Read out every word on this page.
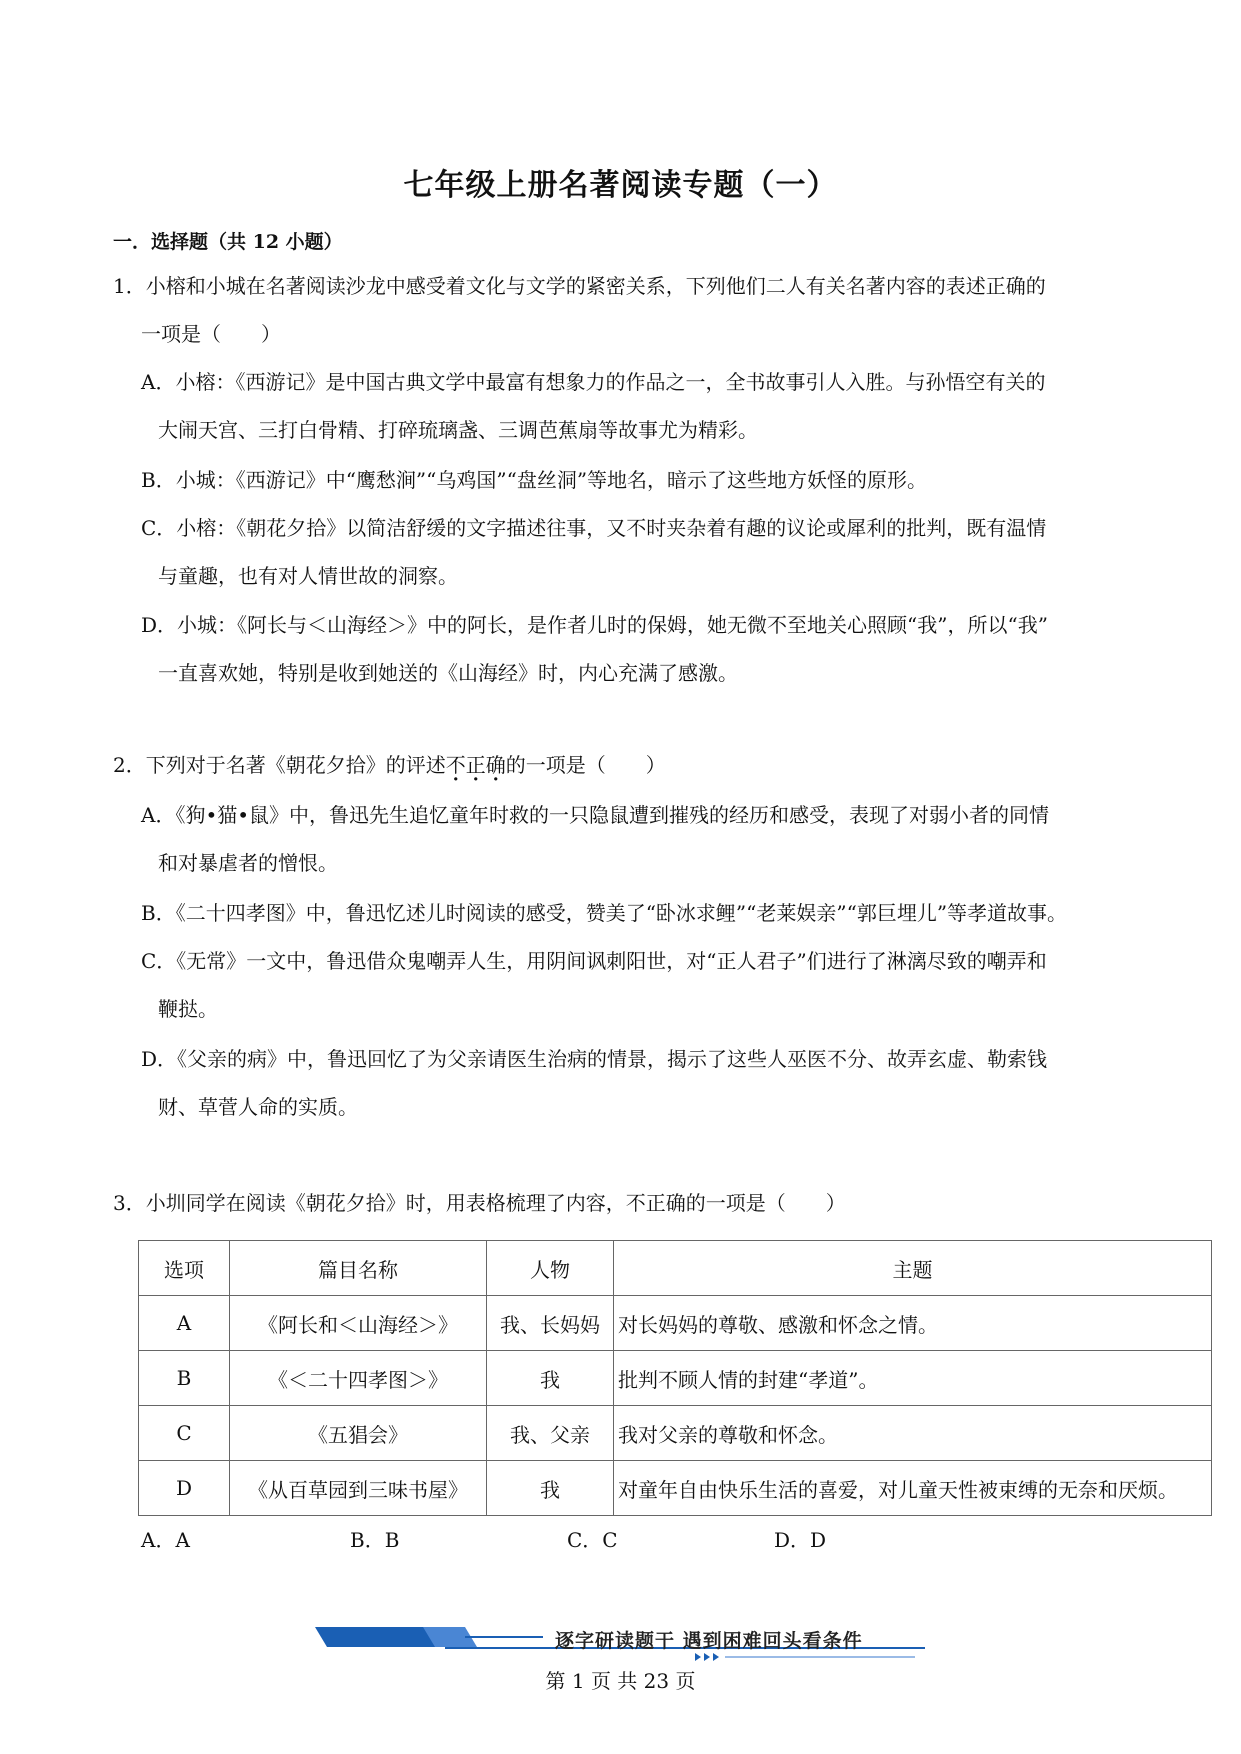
七年级上册名著阅读专题（一）
一．选择题（共 12 小题）
1．小榕和小城在名著阅读沙龙中感受着文化与文学的紧密关系，下列他们二人有关名著内容的表述正确的
一项是（　　）
A．小榕：《西游记》是中国古典文学中最富有想象力的作品之一，全书故事引人入胜。与孙悟空有关的
大闹天宫、三打白骨精、打碎琉璃盏、三调芭蕉扇等故事尤为精彩。
B．小城：《西游记》中“鹰愁涧”“乌鸡国”“盘丝洞”等地名，暗示了这些地方妖怪的原形。
C．小榕：《朝花夕拾》以简洁舒缓的文字描述往事，又不时夹杂着有趣的议论或犀利的批判，既有温情
与童趣，也有对人情世故的洞察。
D．小城：《阿长与＜山海经＞》中的阿长，是作者儿时的保姆，她无微不至地关心照顾“我”，所以“我”
一直喜欢她，特别是收到她送的《山海经》时，内心充满了感激。
2．下列对于名著《朝花夕拾》的评述不正确的一项是（　　）
A．《狗•猫•鼠》中，鲁迅先生追忆童年时救的一只隐鼠遭到摧残的经历和感受，表现了对弱小者的同情
和对暴虐者的憎恨。
B．《二十四孝图》中，鲁迅忆述儿时阅读的感受，赞美了“卧冰求鲤”“老莱娱亲”“郭巨埋儿”等孝道故事。
C．《无常》一文中，鲁迅借众鬼嘲弄人生，用阴间讽刺阳世，对“正人君子”们进行了淋漓尽致的嘲弄和
鞭挞。
D．《父亲的病》中，鲁迅回忆了为父亲请医生治病的情景，揭示了这些人巫医不分、故弄玄虚、勒索钱
财、草菅人命的实质。
3．小圳同学在阅读《朝花夕拾》时，用表格梳理了内容，不正确的一项是（　　）
选项	篇目名称	人物	主题
A	《阿长和＜山海经＞》	我、长妈妈	对长妈妈的尊敬、感激和怀念之情。
B	《＜二十四孝图＞》	我	批判不顾人情的封建“孝道”。
C	《五猖会》	我、父亲	我对父亲的尊敬和怀念。
D	《从百草园到三味书屋》	我	对童年自由快乐生活的喜爱，对儿童天性被束缚的无奈和厌烦。
A．A	B．B	C．C	D．D
逐字研读题干 遇到困难回头看条件
第 1 页 共 23 页
